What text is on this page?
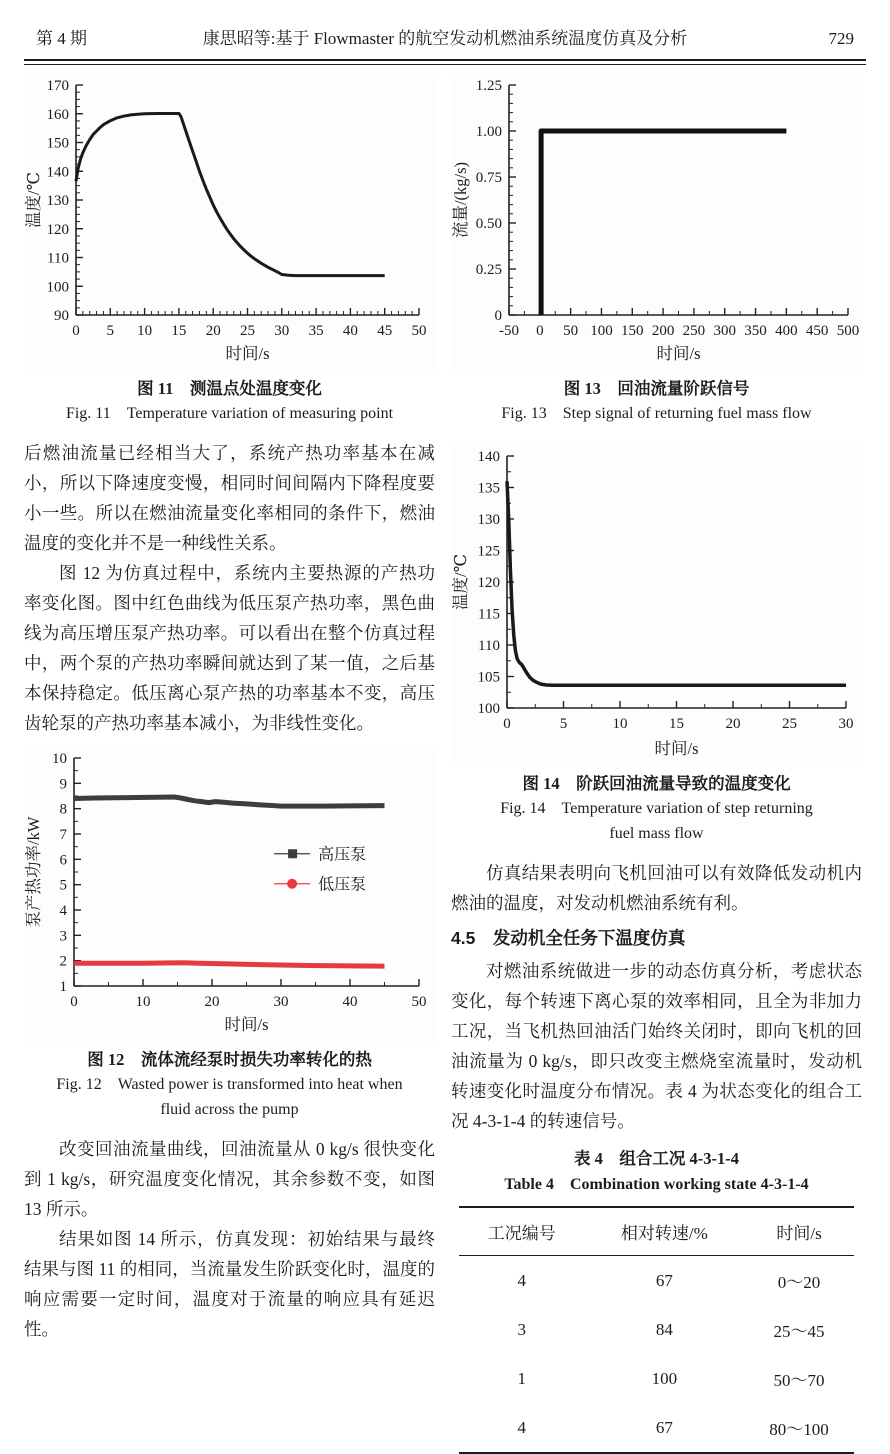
第 4 期	康思昭等:基于 Flowmaster 的航空发动机燃油系统温度仿真及分析	729
0 5 10 15 20 25 30 35 40 45 50
90
100
110
120
130
140
150
160
170
时间/s
温度/℃
图 11　测温点处温度变化
Fig. 11　Temperature variation of measuring point

后燃油流量已经相当大了，系统产热功率基本在减小，所以下降速度变慢，相同时间间隔内下降程度要小一些。所以在燃油流量变化率相同的条件下，燃油温度的变化并不是一种线性关系。

图 12 为仿真过程中，系统内主要热源的产热功率变化图。图中红色曲线为低压泵产热功率，黑色曲线为高压增压泵产热功率。可以看出在整个仿真过程中，两个泵的产热功率瞬间就达到了某一值，之后基本保持稳定。低压离心泵产热的功率基本不变，高压齿轮泵的产热功率基本减小，为非线性变化。

0	10	20	30	40	50
1
2
3
4
5
6
7
8
9
10
时间/s
泵产热功率/kW	高压泵
低压泵
图 12　流体流经泵时损失功率转化的热
Fig. 12　Wasted power is transformed into heat when
fluid across the pump

改变回油流量曲线，回油流量从 0 kg/s 很快变化到 1 kg/s，研究温度变化情况，其余参数不变，如图 13 所示。

结果如图 14 所示，仿真发现：初始结果与最终结果与图 11 的相同，当流量发生阶跃变化时，温度的响应需要一定时间，温度对于流量的响应具有延迟性。

-50 0 50 100 150 200 250 300 350 400 450 500
0
0.25
0.50
0.75
1.00
1.25
时间/s
流量/(kg/s)
图 13　回油流量阶跃信号
Fig. 13　Step signal of returning fuel mass flow
0	5	10	15	20	25	30
100
105
110
115
120
125
130
135
140
时间/s
温度/℃
图 14　阶跃回油流量导致的温度变化
Fig. 14　Temperature variation of step returning
fuel mass flow

仿真结果表明向飞机回油可以有效降低发动机内燃油的温度，对发动机燃油系统有利。

4.5　发动机全任务下温度仿真

对燃油系统做进一步的动态仿真分析，考虑状态变化，每个转速下离心泵的效率相同，且全为非加力工况，当飞机热回油活门始终关闭时，即向飞机的回油流量为 0 kg/s，即只改变主燃烧室流量时，发动机转速变化时温度分布情况。表 4 为状态变化的组合工况 4-3-1-4 的转速信号。

表 4　组合工况 4-3-1-4
Table 4　Combination working state 4-3-1-4
工况编号	相对转速/%	时间/s
4	67	0～20
3	84	25～45
1	100	50～70
4	67	80～100
